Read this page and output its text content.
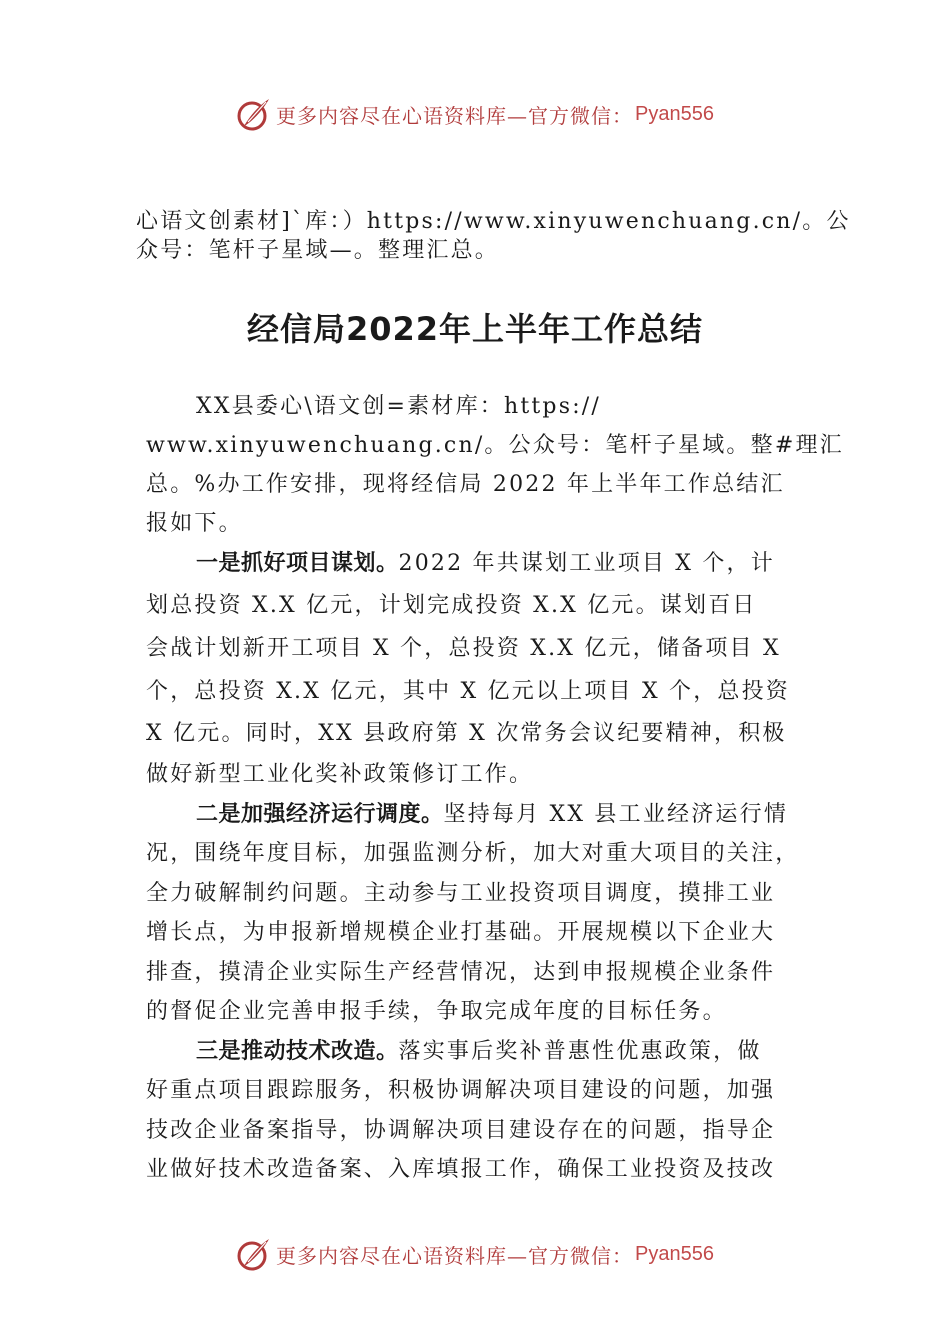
更多内容尽在心语资料库—官方微信： Pyan556
心语文创素材]`库：）https://www.xinyuwenchuang.cn/。公
众号：笔杆子星域—。整理汇总。
经信局2022年上半年工作总结
XX县委心\语文创=素材库：https://
www.xinyuwenchuang.cn/。公众号：笔杆子星域。整#理汇
总。%办工作安排，现将经信局 2022 年上半年工作总结汇
报如下。
一是抓好项目谋划。2022 年共谋划工业项目 X 个，计
划总投资 X.X 亿元，计划完成投资 X.X 亿元。谋划百日
会战计划新开工项目 X 个，总投资 X.X 亿元，储备项目 X
个，总投资 X.X 亿元，其中 X 亿元以上项目 X 个，总投资
X 亿元。同时，XX 县政府第 X 次常务会议纪要精神，积极
做好新型工业化奖补政策修订工作。
二是加强经济运行调度。坚持每月 XX 县工业经济运行情
况，围绕年度目标，加强监测分析，加大对重大项目的关注，
全力破解制约问题。主动参与工业投资项目调度，摸排工业
增长点，为申报新增规模企业打基础。开展规模以下企业大
排查，摸清企业实际生产经营情况，达到申报规模企业条件
的督促企业完善申报手续，争取完成年度的目标任务。
三是推动技术改造。落实事后奖补普惠性优惠政策，做
好重点项目跟踪服务，积极协调解决项目建设的问题，加强
技改企业备案指导，协调解决项目建设存在的问题，指导企
业做好技术改造备案、入库填报工作，确保工业投资及技改
更多内容尽在心语资料库—官方微信： Pyan556
